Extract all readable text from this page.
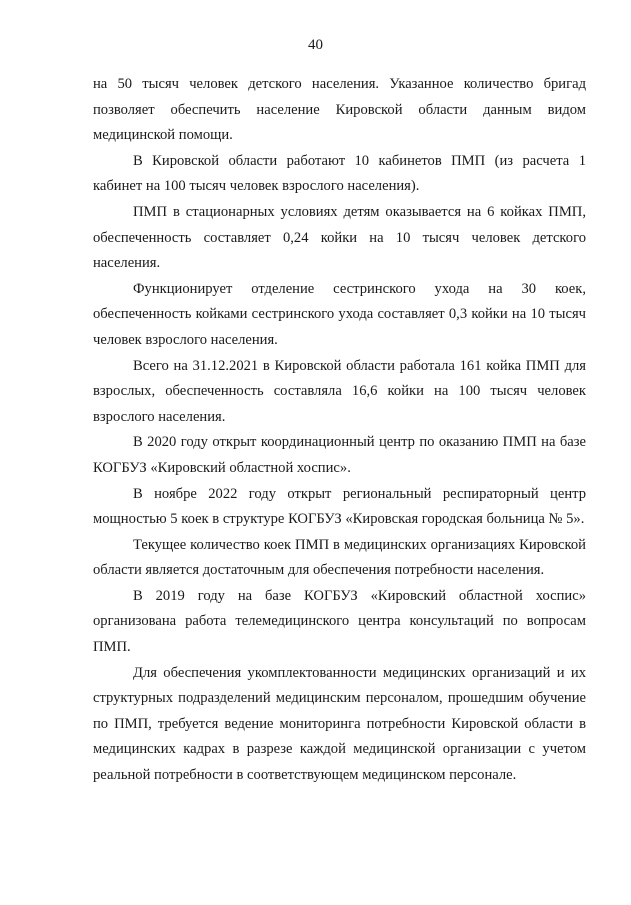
40

на 50 тысяч человек детского населения. Указанное количество бригад позволяет обеспечить население Кировской области данным видом медицинской помощи.

В Кировской области работают 10 кабинетов ПМП (из расчета 1 кабинет на 100 тысяч человек взрослого населения).

ПМП в стационарных условиях детям оказывается на 6 койках ПМП, обеспеченность составляет 0,24 койки на 10 тысяч человек детского населения.

Функционирует отделение сестринского ухода на 30 коек, обеспеченность койками сестринского ухода составляет 0,3 койки на 10 тысяч человек взрослого населения.

Всего на 31.12.2021 в Кировской области работала 161 койка ПМП для взрослых, обеспеченность составляла 16,6 койки на 100 тысяч человек взрослого населения.

В 2020 году открыт координационный центр по оказанию ПМП на базе КОГБУЗ «Кировский областной хоспис».

В ноябре 2022 году открыт региональный респираторный центр мощностью 5 коек в структуре КОГБУЗ «Кировская городская больница № 5».

Текущее количество коек ПМП в медицинских организациях Кировской области является достаточным для обеспечения потребности населения.

В 2019 году на базе КОГБУЗ «Кировский областной хоспис» организована работа телемедицинского центра консультаций по вопросам ПМП.

Для обеспечения укомплектованности медицинских организаций и их структурных подразделений медицинским персоналом, прошедшим обучение по ПМП, требуется ведение мониторинга потребности Кировской области в медицинских кадрах в разрезе каждой медицинской организации с учетом реальной потребности в соответствующем медицинском персонале.
